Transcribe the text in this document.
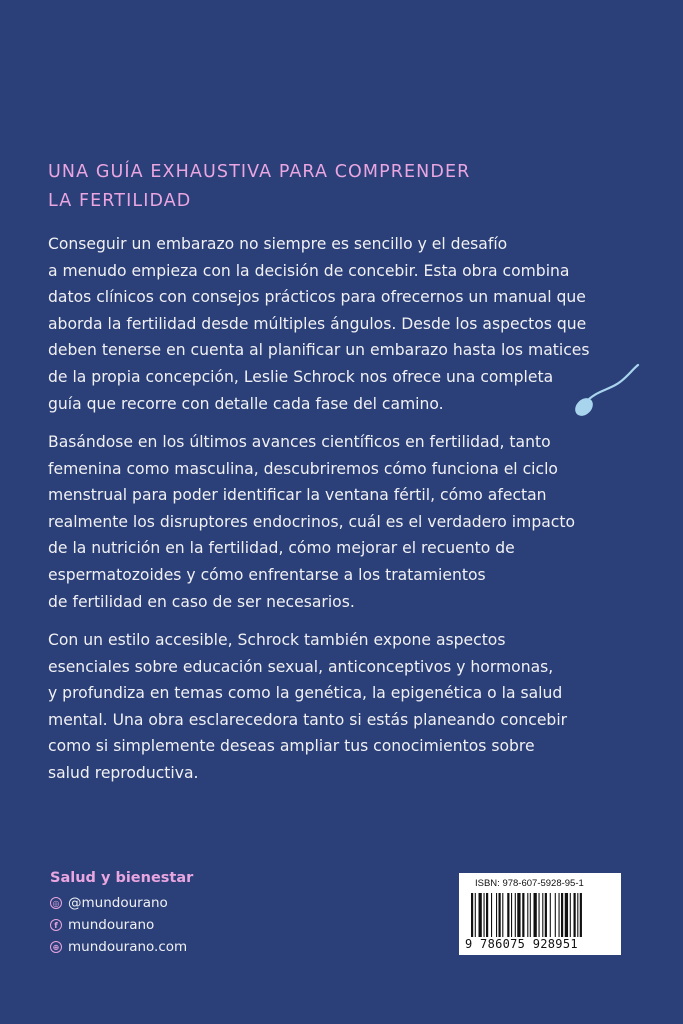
UNA GUÍA EXHAUSTIVA PARA COMPRENDER
LA FERTILIDAD
Conseguir un embarazo no siempre es sencillo y el desafío
a menudo empieza con la decisión de concebir. Esta obra combina
datos clínicos con consejos prácticos para ofrecernos un manual que
aborda la fertilidad desde múltiples ángulos. Desde los aspectos que
deben tenerse en cuenta al planificar un embarazo hasta los matices
de la propia concepción, Leslie Schrock nos ofrece una completa
guía que recorre con detalle cada fase del camino.
Basándose en los últimos avances científicos en fertilidad, tanto
femenina como masculina, descubriremos cómo funciona el ciclo
menstrual para poder identificar la ventana fértil, cómo afectan
realmente los disruptores endocrinos, cuál es el verdadero impacto
de la nutrición en la fertilidad, cómo mejorar el recuento de
espermatozoides y cómo enfrentarse a los tratamientos
de fertilidad en caso de ser necesarios.
Con un estilo accesible, Schrock también expone aspectos
esenciales sobre educación sexual, anticonceptivos y hormonas,
y profundiza en temas como la genética, la epigenética o la salud
mental. Una obra esclarecedora tanto si estás planeando concebir
como si simplemente deseas ampliar tus conocimientos sobre
salud reproductiva.
Salud y bienestar
◎ @mundourano
f mundourano
⊕ mundourano.com
ISBN: 978-607-5928-95-1
9 786075 928951
